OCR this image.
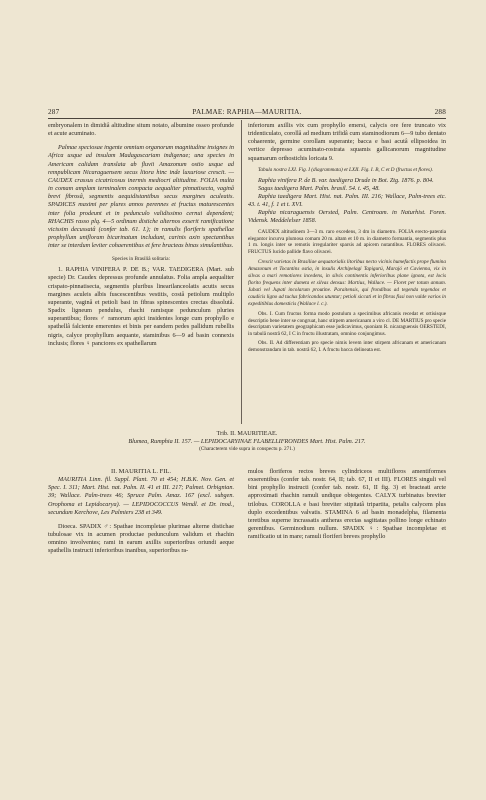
287	PALMAE: RAPHIA—MAURITIA.	288

embryonalem in dimidiâ altitudine situm notato, albumine osseo profunde et acute acuminato.

Palmae speciosae ingente omnium organorum magnitudine insignes in Africa usque ad insulam Madagascariam indigenae; una species in Americam calidam translata ab fluvii Amazonum ostio usque ad rempublicam Nicaraguensem secus litora hinc inde luxuriose crescit. — CAUDEX crassus cicatricosus inermis mediocri altitudine. FOLIA multa in comam amplam terminalem compacta aequaliter pinnatisecta, vaginâ brevi fibrosâ, segmentis aequidistantibus secus margines aculeatis. SPADICES maximi per plures annos perennes et fructus maturescentes inter folia prodeunt et in pedunculo validissimo cernui dependent; RHACHIS rasso plq. 4—5 ordinum distiche alternos exserit ramificatione vicissim decussatâ (confer tab. 61. I.); in ramulis floriferis spathellae prophyllum unifloram bicarinatum includunt, carinis axin spectantibus inter se interdum leviter cohaerentibus et fere bracteas binas simulantibus.

Species in Brasiliâ solitaria:

1. RAPHIA VINIFERA P. DE B.; VAR. TAEDIGERA (Mart. sub specie) Dr. Caudex depressus profunde annulatus. Folia ampla aequaliter crispato-pinnatisecta, segmentis pluribus linearilanceolatis acutis secus margines aculeis albis fuscescentibus vestitis, costâ petiolum multiplo superante, vaginâ et petioli basi in fibras spinescentes crectas dissolutâ. Spadix ligneum pendulus, rhachi ramisque pedunculum pluries superantibus; flores ♂ ramorum apici insidentes longe cum prophyllo e spathellâ falciente emerentes et binis per eandem pedes pallidum rubellis nigris, calyce prophyllum aequante, staminibus 6—9 ad basin connexis inclusis; flores ♀ panciores ex spathellarum

inferiorum axillis vix cum prophyllo emersi, calycis ore fere truncato vix tridenticulato, corollâ ad medium trifidâ cum staminodiorum 6—9 tubo dentato cohaerente, germine corollam superante; bacca e basi acutâ ellipsoidea in vertice depresso acuminato-rostrata squamis gallicanorum magnitudine squamarum orthostichis loricata 9.

Tabula nostra LXI. Fig. I (diagrammata) et LXII. Fig. I. B, C et D (fructus et flores).

Raphia vinifera P. de B. var. taedigera Drude in Bot. Ztg. 1876. p. 804.

Sagus taedigera Mart. Palm. brasil. 54. t. 45, 48.

Raphia taedigera Mart. Hist. nat. Palm. III. 216; Wallace, Palm-trees etc. 43. t. 41, f. 1 et t. XVI.

Raphia nicaraguensis Oersted, Palm. Centroam. in Naturhist. Foren. Vidensk. Meddelelser 1858.

CAUDEX altitudinem 3—3 m. raro excedens, 3 dm in diametro. FOLIA erecto-patentia elegantor incurva plumosa comam 20 m. altam et 10 m. in diametro formantia, segmentis plus 1 m. longis inter se remotis irregulariter sparsis ad apicem nutantibus. FLORES olivacei. FRUCTUS lucido pallide flavo olivacei.

Crescit varietas in Brasiliae aequatorialis litoribus necto vicinis humefactis prope flumina Amazonum et Tocantins ostia, in insulis Archipelagi Tapigurú, Marajó et Cavienna, vix in silvas a mari remotiores incedens, in silvis continentis inferioribus plane ignota, est locis florito frequens inter dumeta et silvas densus: Martius, Wallace. — Floret per totum annum. Jubati vel Jupati incolarum proutine. Paraitensis, qui frondibus ad tegenda tegendos et caudicis ligno ad tuclus fabricandos utuntur; petioli siccati et in fibras fissi non valde varios in expeditiblus domesticis (Wallace l. c.).

Obs. I. Cum fructus forma modo postulum a specimibus africanis recedat et ortisisque descriptio bene inter se congruat, hanc stirpem americanam a viro cl. DE MARTIUS pro specie descriptam varietatem geographicam esse judicavimus, quoniam R. nicaraguensis OERSTEDI, in tabulâ nostrâ 62, I C in fructu illustratam, omnino conjungimus.

Obs. II. Ad differentiam pro specie nimis levem inter stirpem africanam et americanam demonstrandam in tab. nostrâ 62, I. A fructu bacca delineata est.

Trib. II. MAURITIEAE.
Blumea, Rumphia II. 157. — LEPIDOCARYINAE FLABELLIFRONDES Mart. Hist. Palm. 217.
(Characterem vide supra in conspectu p. 271.)

II. MAURITIA L. FIL.

MAURITIA Linn. fil. Suppl. Plant. 70 et 454; H.B.K. Nov. Gen. et Spec. I. 311; Mart. Hist. nat. Palm. II. 41 et III. 217; Palmet. Orbignian. 39; Wallace. Palm-trees 46; Spruce Palm. Amaz. 167 (excl. subgen. Orophoma et Lepidocarya). — LEPIDOCOCCUS Wendl. et Dr. inod., secundum Kerchove, Les Palmiers 238 et 349.

Dioeca. SPADIX ♂: Spathae incompletae plurimae alterne distichae tubulosae vix in acumen productae pedunculum validum et rhachin omnino involventes; rami in earum axillis superioribus oriundi aeque spathellis instructi inferioribus inanibus, superioribus ra-

mulos floriferos rectos breves cylindriceos multifloros amentiformes exserentibus (confer tab. nostr. 64, II; tab. 67, II et III). FLORES singuli vel bini prophyllo instructi (confer tab. nostr. 61, II fig. 3) et bracteati arcte approximati rhachin ramuli undique obtegentes. CALYX turbinatus breviter trilobus. COROLLA e basi breviter stipitatâ tripartita, petalis calycem plus duplo excedentibus valvatis. STAMINA 6 ad basin monadelpha, filamenta teretibus superne incrassatis antheras erectas sagittatas pollino longe echinato gerentibus. Germinodium nullum. SPADIX ♀: Spathae incompletae et ramificatio ut in mare; ramuli floriferi breves prophyllo
